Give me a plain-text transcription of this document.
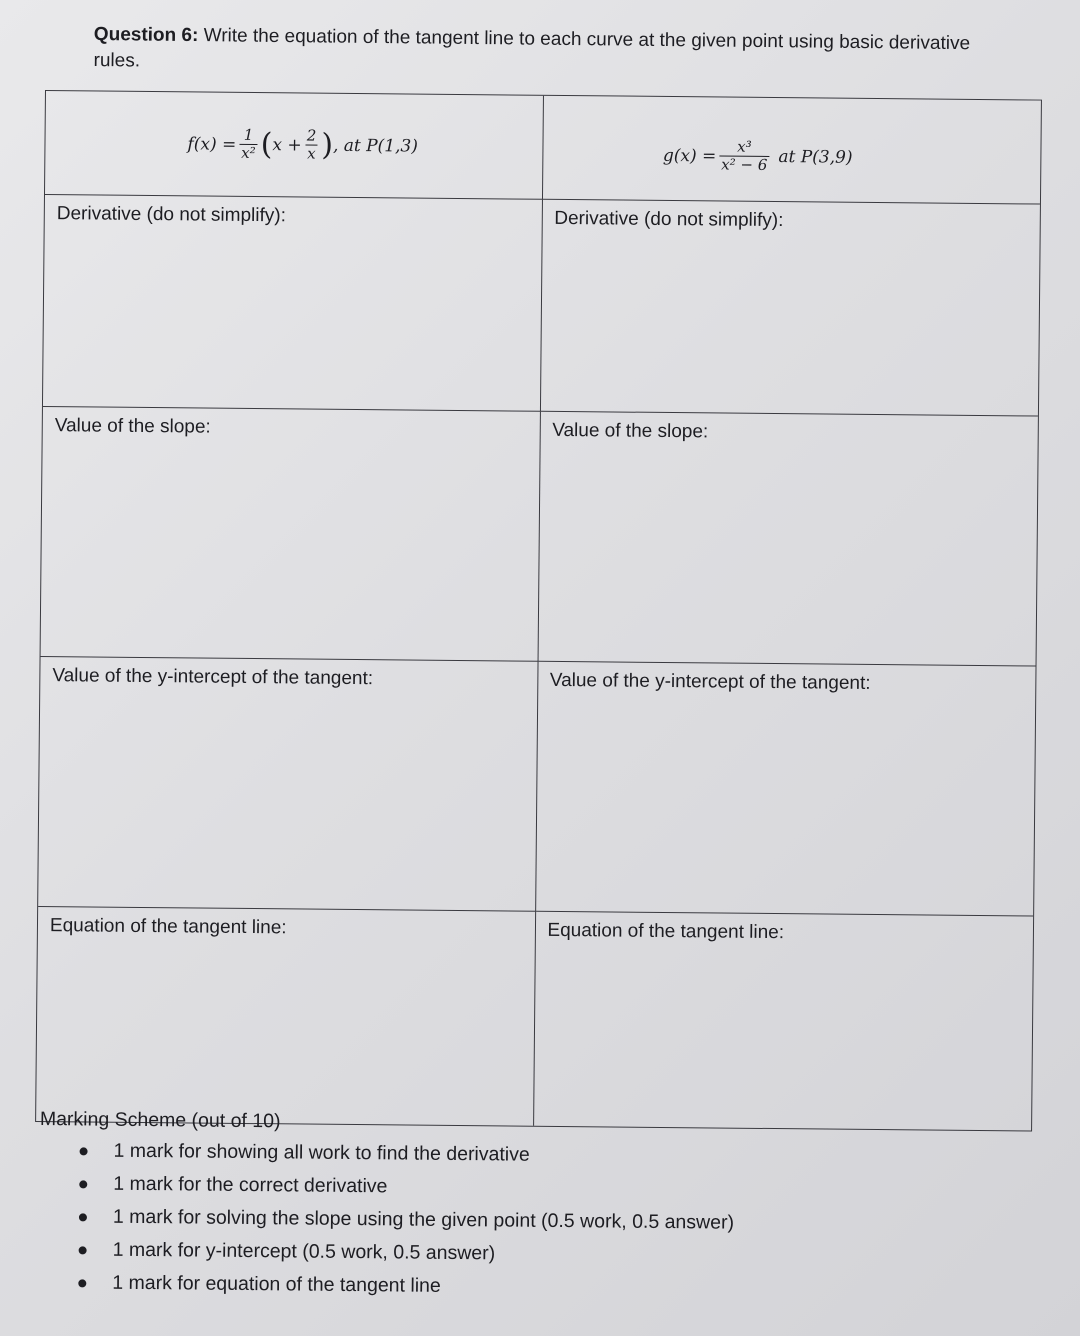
Question 6: Write the equation of the tangent line to each curve at the given point using basic derivative rules.
$f(x) = \frac{1}{\text{x²}}$ ( $x + \frac{2}{x}$ ) , at P(1,3)	$g(x) = \frac{\text{x³}}{\text{x² − 6}}$ at P(3,9)
Derivative (do not simplify):	Derivative (do not simplify):
Value of the slope:	Value of the slope:
Value of the y-intercept of the tangent:	Value of the y-intercept of the tangent:
Equation of the tangent line:	Equation of the tangent line:
Marking Scheme (out of 10)
1 mark for showing all work to find the derivative
1 mark for the correct derivative
1 mark for solving the slope using the given point (0.5 work, 0.5 answer)
1 mark for y-intercept (0.5 work, 0.5 answer)
1 mark for equation of the tangent line
